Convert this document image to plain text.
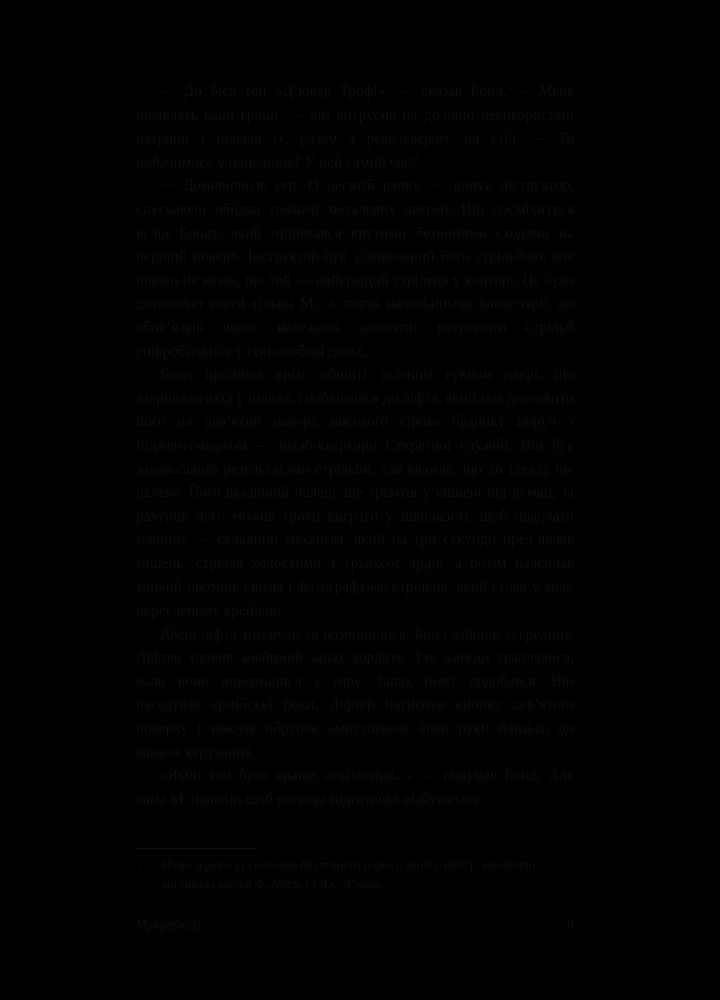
— До біса той «Дʼювар Трофі», — сказав Бонд. — Мене цікавлять ваші гроші, — він витрусив на долоню невикористані патрони і поклав їх, разом з револьвером, на стіл. — То побачимось у понеділок? У цей самий час?

— Домовилися, сер. О десятій ранку, — кинув інструктор, спускаючи обидва тримачі металевих дверей. Він посміхнувся вслід Бонду, який підіймався крутими бетонними сходами на перший поверх. Інструктор був задоволений його стрільбою, але ніколи не казав, що той — найкращий стрілець у конторі. Це було дозволено знати тільки М., а також начальникові канцелярії, до обовʼязків якого належало заносити результати стрільб співробітників у їхні особові досьє.

Бонд пройшов крізь обшиті зеленим сукном двері, що закривали вхід у підвал, і наблизився до ліфта, який мав доставити його на девʼятий поверх високого сірого будинку поруч з Ріджентс-парком — штаб-квартири Секретної служби. Він був задоволений результатами стрільби, але вважав, що до ідеалу ще далеко. Його вказівний палець ще тремтів у кишені від думки, за рахунок чого можна трохи виграти у швидкості, щоб подолати машину — складний механізм, який на три секунди предʼявляв мішень, стріляв холостими з трьохсот ярдів, а потім надсилав тонкий промінь світла і фотографував стрільця, який стояв у колі, окресленому крейдою.

Двері ліфта зімкнули та розчинилися, Бонд зайшов усередину. Ліфтер уловив знайомий запах кордиту. Так завжди траплялося, коли вони поверталися з тиру. Запах йому подобався. Він нагадував армійські роки. Ліфтер натиснув кнопку девʼятого поверху і поклав обрубок ампутованої лівої руки близько до важеля керування.

«Якби там було краще освітлення...» — подумав Бонд. Але сама М. наполіг, щоб вогнева підготовка відбувалася

1 Назва одного з різновидів бездимного пороху, який у 1889 р. винайшли англійські хіміки Ф. Абель та Дж. Дʼювар.
Мунрейкер	9
